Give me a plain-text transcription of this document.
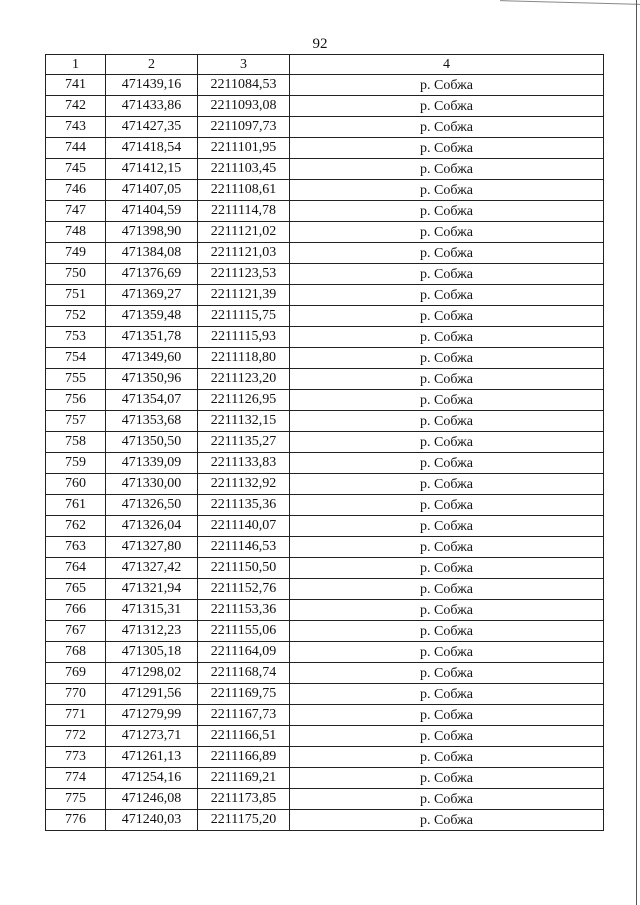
92
1	2	3	4
741	471439,16	2211084,53	р. Собжа
742	471433,86	2211093,08	р. Собжа
743	471427,35	2211097,73	р. Собжа
744	471418,54	2211101,95	р. Собжа
745	471412,15	2211103,45	р. Собжа
746	471407,05	2211108,61	р. Собжа
747	471404,59	2211114,78	р. Собжа
748	471398,90	2211121,02	р. Собжа
749	471384,08	2211121,03	р. Собжа
750	471376,69	2211123,53	р. Собжа
751	471369,27	2211121,39	р. Собжа
752	471359,48	2211115,75	р. Собжа
753	471351,78	2211115,93	р. Собжа
754	471349,60	2211118,80	р. Собжа
755	471350,96	2211123,20	р. Собжа
756	471354,07	2211126,95	р. Собжа
757	471353,68	2211132,15	р. Собжа
758	471350,50	2211135,27	р. Собжа
759	471339,09	2211133,83	р. Собжа
760	471330,00	2211132,92	р. Собжа
761	471326,50	2211135,36	р. Собжа
762	471326,04	2211140,07	р. Собжа
763	471327,80	2211146,53	р. Собжа
764	471327,42	2211150,50	р. Собжа
765	471321,94	2211152,76	р. Собжа
766	471315,31	2211153,36	р. Собжа
767	471312,23	2211155,06	р. Собжа
768	471305,18	2211164,09	р. Собжа
769	471298,02	2211168,74	р. Собжа
770	471291,56	2211169,75	р. Собжа
771	471279,99	2211167,73	р. Собжа
772	471273,71	2211166,51	р. Собжа
773	471261,13	2211166,89	р. Собжа
774	471254,16	2211169,21	р. Собжа
775	471246,08	2211173,85	р. Собжа
776	471240,03	2211175,20	р. Собжа
